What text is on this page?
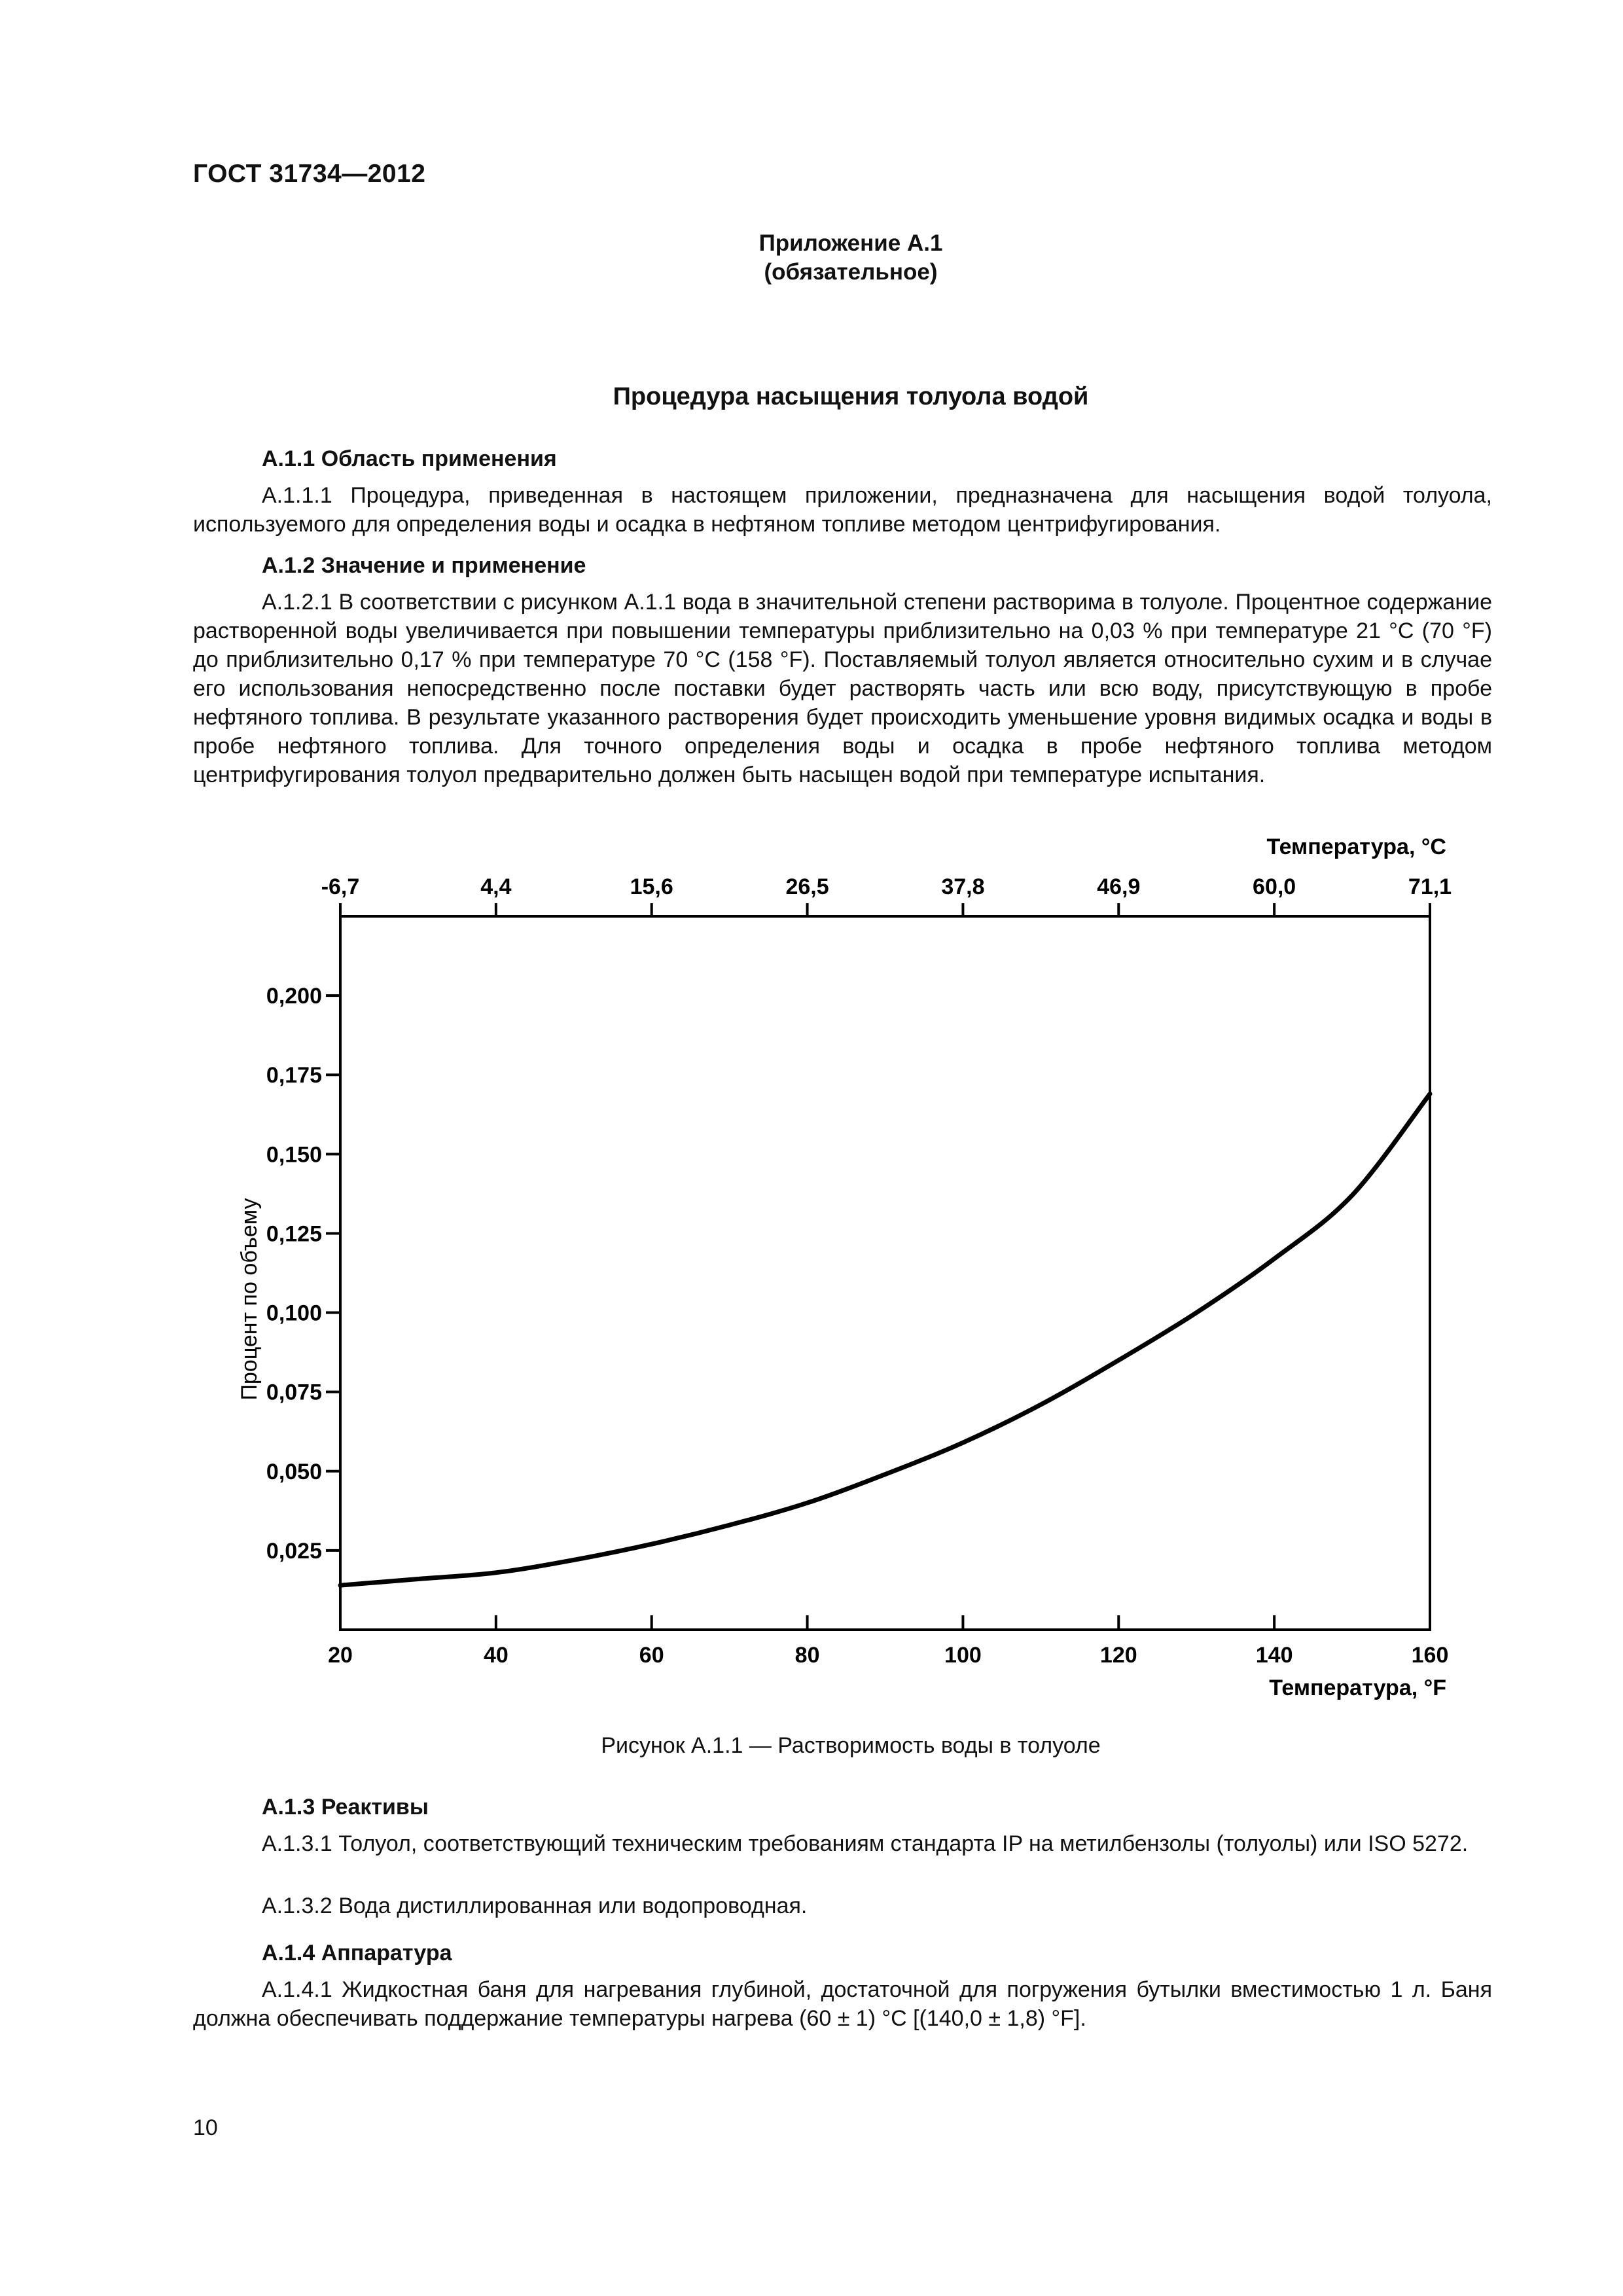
ГОСТ 31734—2012
Приложение А.1
(обязательное)
Процедура насыщения толуола водой
А.1.1 Область применения
А.1.1.1 Процедура, приведенная в настоящем приложении, предназначена для насыщения водой толуола, используемого для определения воды и осадка в нефтяном топливе методом центрифугирования.
А.1.2 Значение и применение
А.1.2.1 В соответствии с рисунком А.1.1 вода в значительной степени растворима в толуоле. Процентное содержание растворенной воды увеличивается при повышении температуры приблизительно на 0,03 % при температуре 21 °С (70 °F) до приблизительно 0,17 % при температуре 70 °С (158 °F). Поставляемый толуол является относительно сухим и в случае его использования непосредственно после поставки будет растворять часть или всю воду, присутствующую в пробе нефтяного топлива. В результате указанного растворения будет происходить уменьшение уровня видимых осадка и воды в пробе нефтяного топлива. Для точного определения воды и осадка в пробе нефтяного топлива методом центрифугирования толуол предварительно должен быть насыщен водой при температуре испытания.
20	40	60	80	100	120	140	160
-6,7	4,4	15,6	26,5	37,8	46,9	60,0	71,1
0,025
0,050
0,075
0,100
0,125
0,150
0,175
0,200
Температура, °F
Температура, °С
Процент по объему
Рисунок А.1.1 — Растворимость воды в толуоле
А.1.3 Реактивы
А.1.3.1 Толуол, соответствующий техническим требованиям стандарта IP на метилбензолы (толуолы) или ISO 5272.
А.1.3.2 Вода дистиллированная или водопроводная.
А.1.4 Аппаратура
А.1.4.1 Жидкостная баня для нагревания глубиной, достаточной для погружения бутылки вместимостью 1 л. Баня должна обеспечивать поддержание температуры нагрева (60 ± 1) °С [(140,0 ± 1,8) °F].
10
